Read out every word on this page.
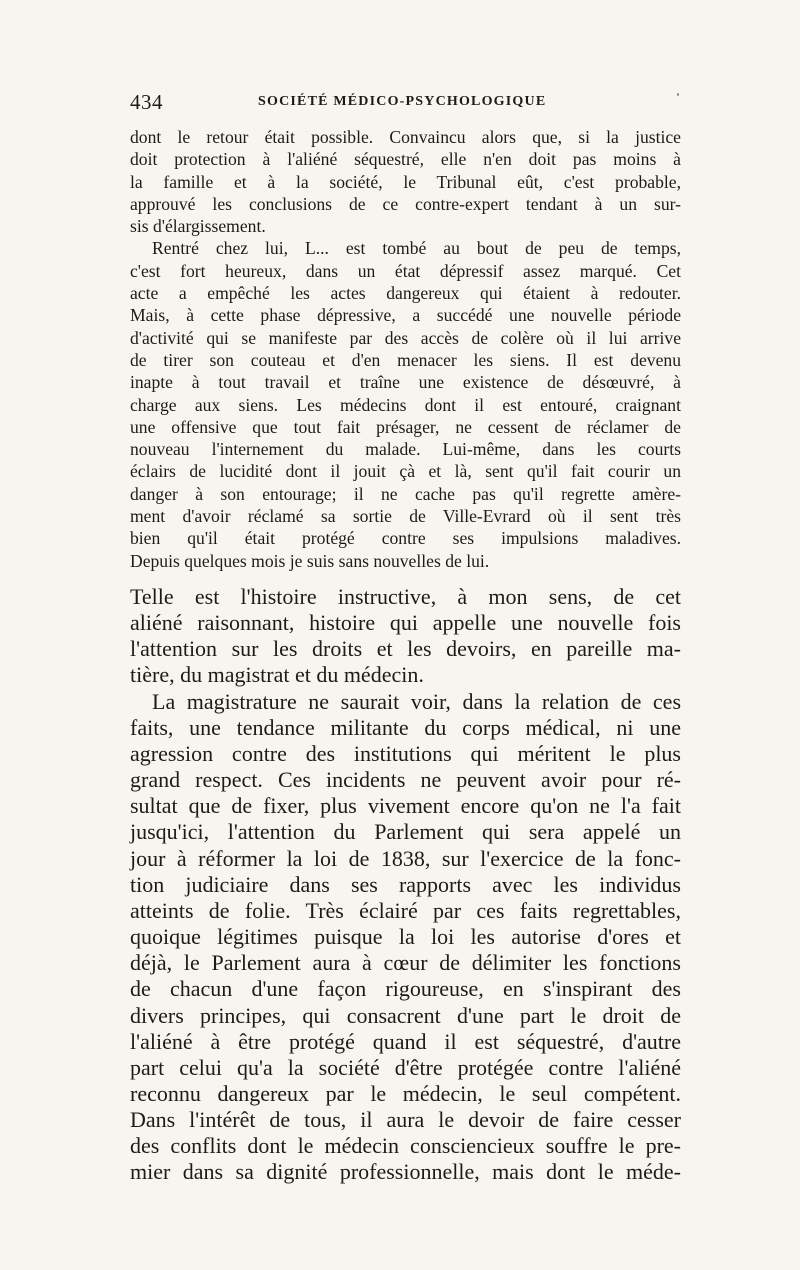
434	SOCIÉTÉ MÉDICO-PSYCHOLOGIQUE
dont le retour était possible. Convaincu alors que, si la justice
doit protection à l'aliéné séquestré, elle n'en doit pas moins à
la famille et à la société, le Tribunal eût, c'est probable,
approuvé les conclusions de ce contre-expert tendant à un sur-
sis d'élargissement.
Rentré chez lui, L... est tombé au bout de peu de temps,
c'est fort heureux, dans un état dépressif assez marqué. Cet
acte a empêché les actes dangereux qui étaient à redouter.
Mais, à cette phase dépressive, a succédé une nouvelle période
d'activité qui se manifeste par des accès de colère où il lui arrive
de tirer son couteau et d'en menacer les siens. Il est devenu
inapte à tout travail et traîne une existence de désœuvré, à
charge aux siens. Les médecins dont il est entouré, craignant
une offensive que tout fait présager, ne cessent de réclamer de
nouveau l'internement du malade. Lui-même, dans les courts
éclairs de lucidité dont il jouit çà et là, sent qu'il fait courir un
danger à son entourage; il ne cache pas qu'il regrette amère-
ment d'avoir réclamé sa sortie de Ville-Evrard où il sent très
bien qu'il était protégé contre ses impulsions maladives.
Depuis quelques mois je suis sans nouvelles de lui.
Telle est l'histoire instructive, à mon sens, de cet
aliéné raisonnant, histoire qui appelle une nouvelle fois
l'attention sur les droits et les devoirs, en pareille ma-
tière, du magistrat et du médecin.
La magistrature ne saurait voir, dans la relation de ces
faits, une tendance militante du corps médical, ni une
agression contre des institutions qui méritent le plus
grand respect. Ces incidents ne peuvent avoir pour ré-
sultat que de fixer, plus vivement encore qu'on ne l'a fait
jusqu'ici, l'attention du Parlement qui sera appelé un
jour à réformer la loi de 1838, sur l'exercice de la fonc-
tion judiciaire dans ses rapports avec les individus
atteints de folie. Très éclairé par ces faits regrettables,
quoique légitimes puisque la loi les autorise d'ores et
déjà, le Parlement aura à cœur de délimiter les fonctions
de chacun d'une façon rigoureuse, en s'inspirant des
divers principes, qui consacrent d'une part le droit de
l'aliéné à être protégé quand il est séquestré, d'autre
part celui qu'a la société d'être protégée contre l'aliéné
reconnu dangereux par le médecin, le seul compétent.
Dans l'intérêt de tous, il aura le devoir de faire cesser
des conflits dont le médecin consciencieux souffre le pre-
mier dans sa dignité professionnelle, mais dont le méde-
